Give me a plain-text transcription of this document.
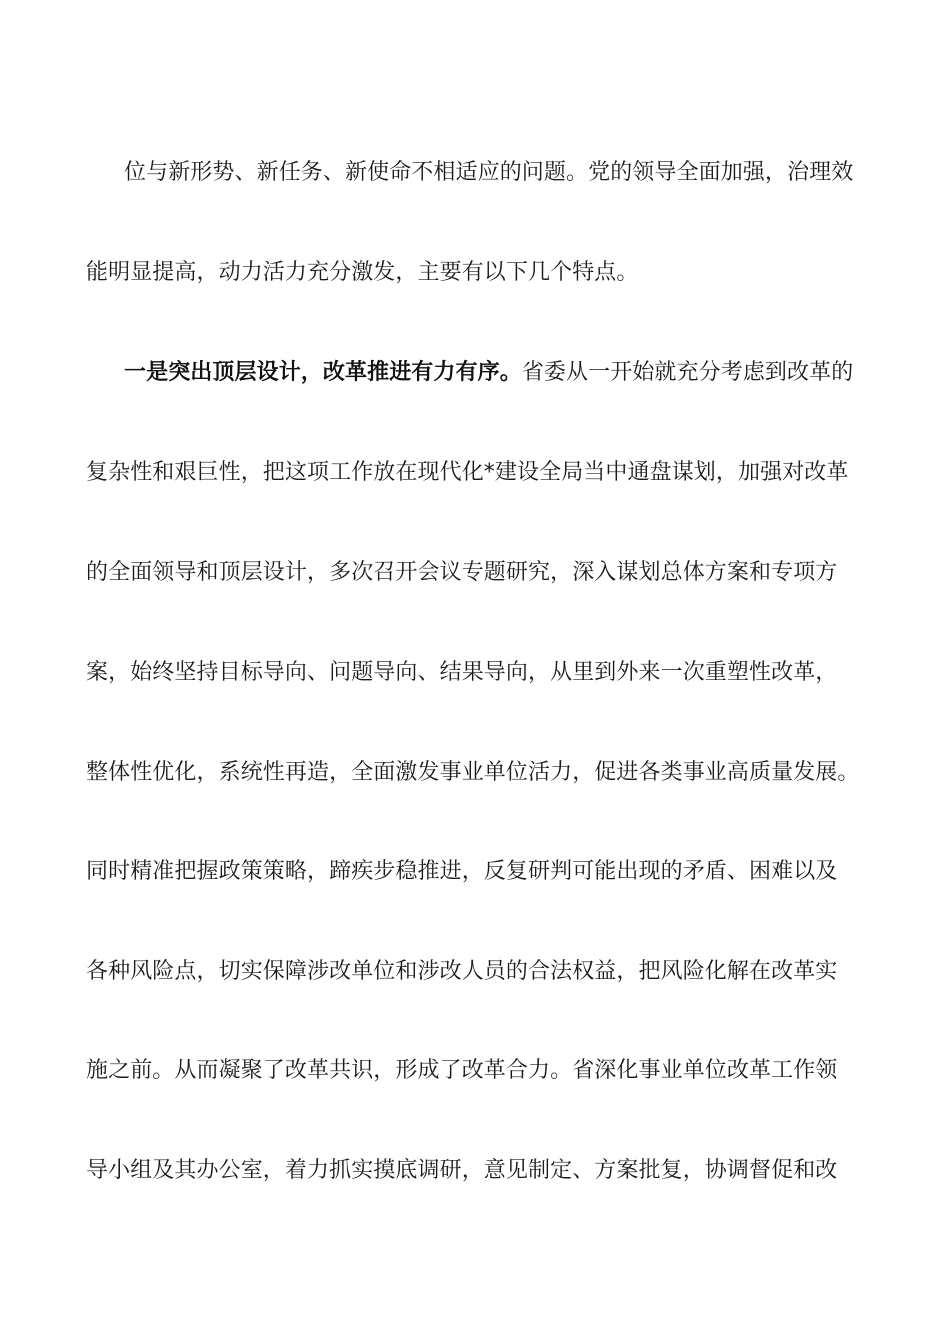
位与新形势、新任务、新使命不相适应的问题。党的领导全面加强，治理效
能明显提高，动力活力充分激发，主要有以下几个特点。
一是突出顶层设计，改革推进有力有序。省委从一开始就充分考虑到改革的
复杂性和艰巨性，把这项工作放在现代化*建设全局当中通盘谋划，加强对改革
的全面领导和顶层设计，多次召开会议专题研究，深入谋划总体方案和专项方
案，始终坚持目标导向、问题导向、结果导向，从里到外来一次重塑性改革，
整体性优化，系统性再造，全面激发事业单位活力，促进各类事业高质量发展。
同时精准把握政策策略，蹄疾步稳推进，反复研判可能出现的矛盾、困难以及
各种风险点，切实保障涉改单位和涉改人员的合法权益，把风险化解在改革实
施之前。从而凝聚了改革共识，形成了改革合力。省深化事业单位改革工作领
导小组及其办公室，着力抓实摸底调研，意见制定、方案批复，协调督促和改
